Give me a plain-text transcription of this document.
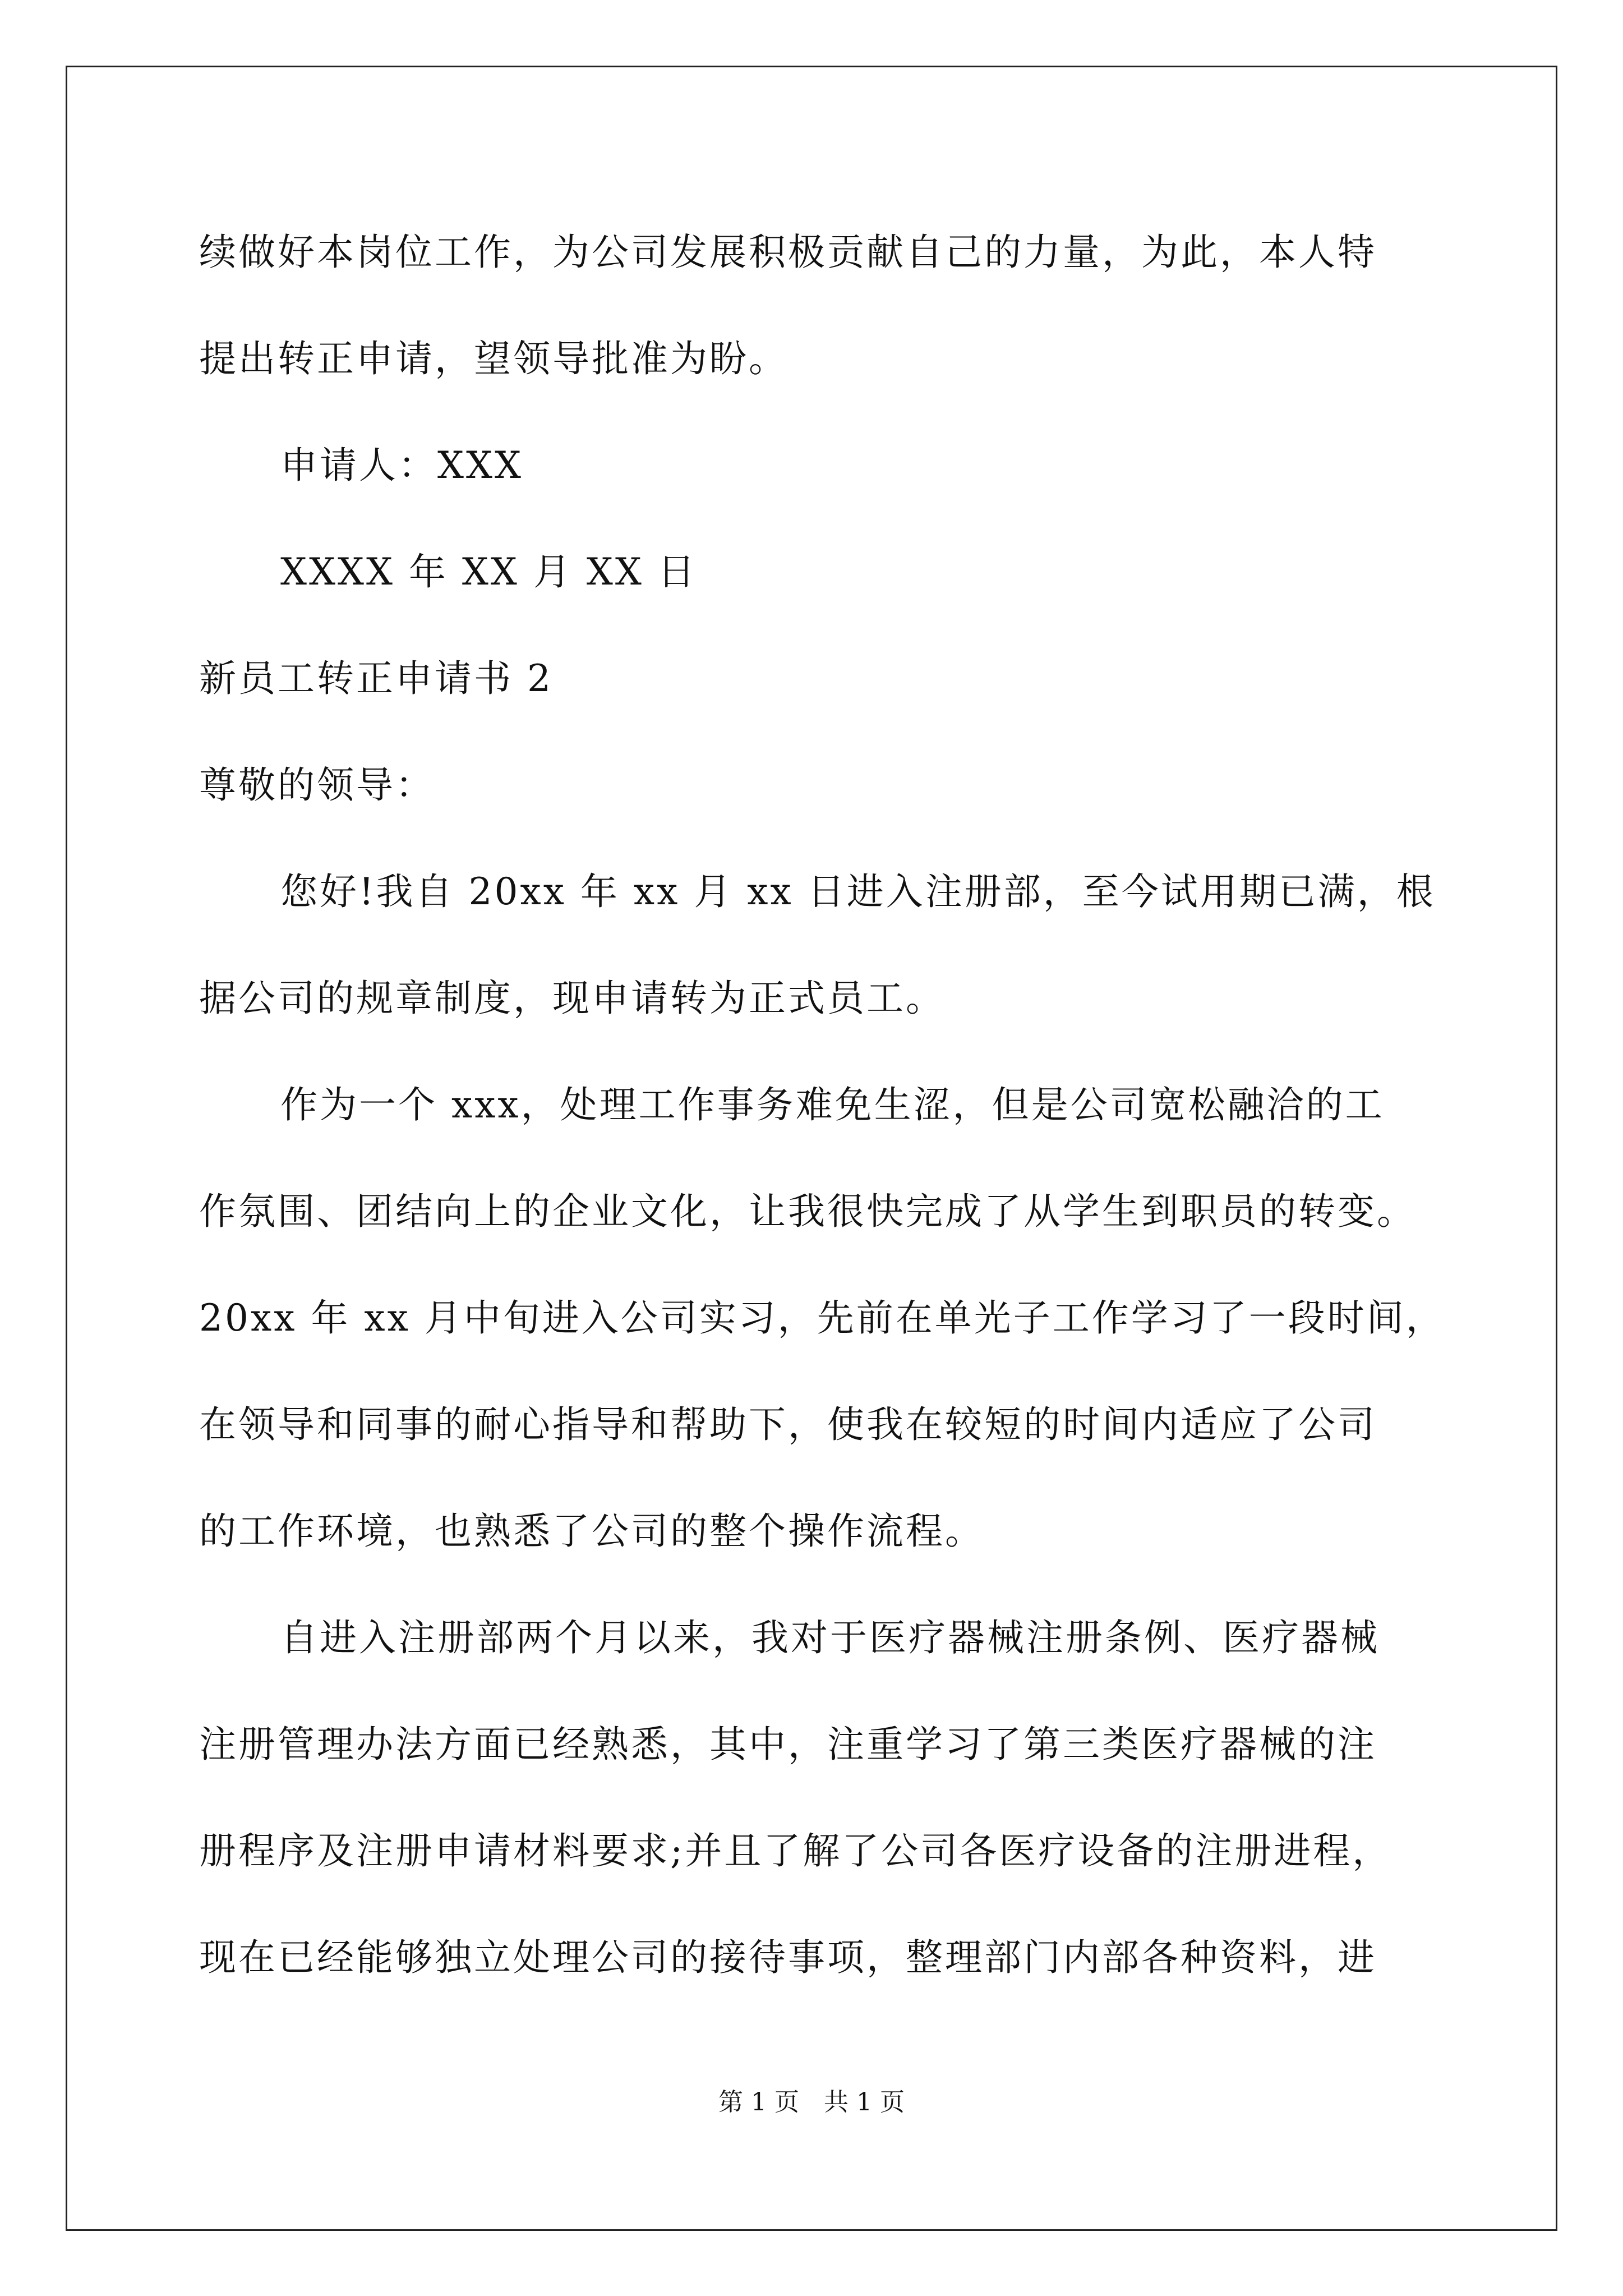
续做好本岗位工作，为公司发展积极贡献自己的力量，为此，本人特
提出转正申请，望领导批准为盼。
申请人：XXX
XXXX 年 XX 月 XX 日
新员工转正申请书 2
尊敬的领导：
您好!我自 20xx 年 xx 月 xx 日进入注册部，至今试用期已满，根
据公司的规章制度，现申请转为正式员工。
作为一个 xxx，处理工作事务难免生涩，但是公司宽松融洽的工
作氛围、团结向上的企业文化，让我很快完成了从学生到职员的转变。
20xx 年 xx 月中旬进入公司实习，先前在单光子工作学习了一段时间，
在领导和同事的耐心指导和帮助下，使我在较短的时间内适应了公司
的工作环境，也熟悉了公司的整个操作流程。
自进入注册部两个月以来，我对于医疗器械注册条例、医疗器械
注册管理办法方面已经熟悉，其中，注重学习了第三类医疗器械的注
册程序及注册申请材料要求;并且了解了公司各医疗设备的注册进程，
现在已经能够独立处理公司的接待事项，整理部门内部各种资料，进
第 1 页　共 1 页
